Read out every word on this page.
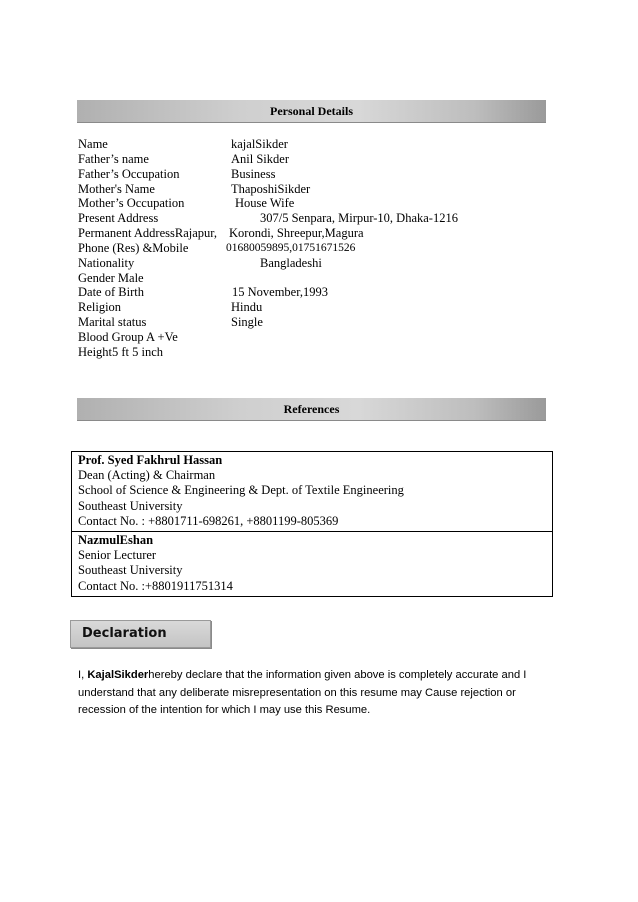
Personal Details
Name	kajalSikder
Father’s name	Anil Sikder
Father’s Occupation	Business
Mother's Name	ThaposhiSikder
Mother’s Occupation	House Wife
Present Address	307/5 Senpara, Mirpur-10, Dhaka-1216
Permanent AddressRajapur, Korondi, Shreepur,Magura
Phone (Res) &Mobile	01680059895,01751671526
Nationality	Bangladeshi
Gender Male
Date of Birth	15 November,1993
Religion	Hindu
Marital status	Single
Blood Group A +Ve
Height5 ft 5 inch
References
Prof. Syed Fakhrul Hassan
Dean (Acting) & Chairman
School of Science & Engineering & Dept. of Textile Engineering
Southeast University
Contact No. : +8801711-698261, +8801199-805369
NazmulEshan
Senior Lecturer
Southeast University
Contact No. :+8801911751314
Declaration
I, KajalSikderhereby declare that the information given above is completely accurate and I
understand that any deliberate misrepresentation on this resume may Cause rejection or
recession of the intention for which I may use this Resume.
